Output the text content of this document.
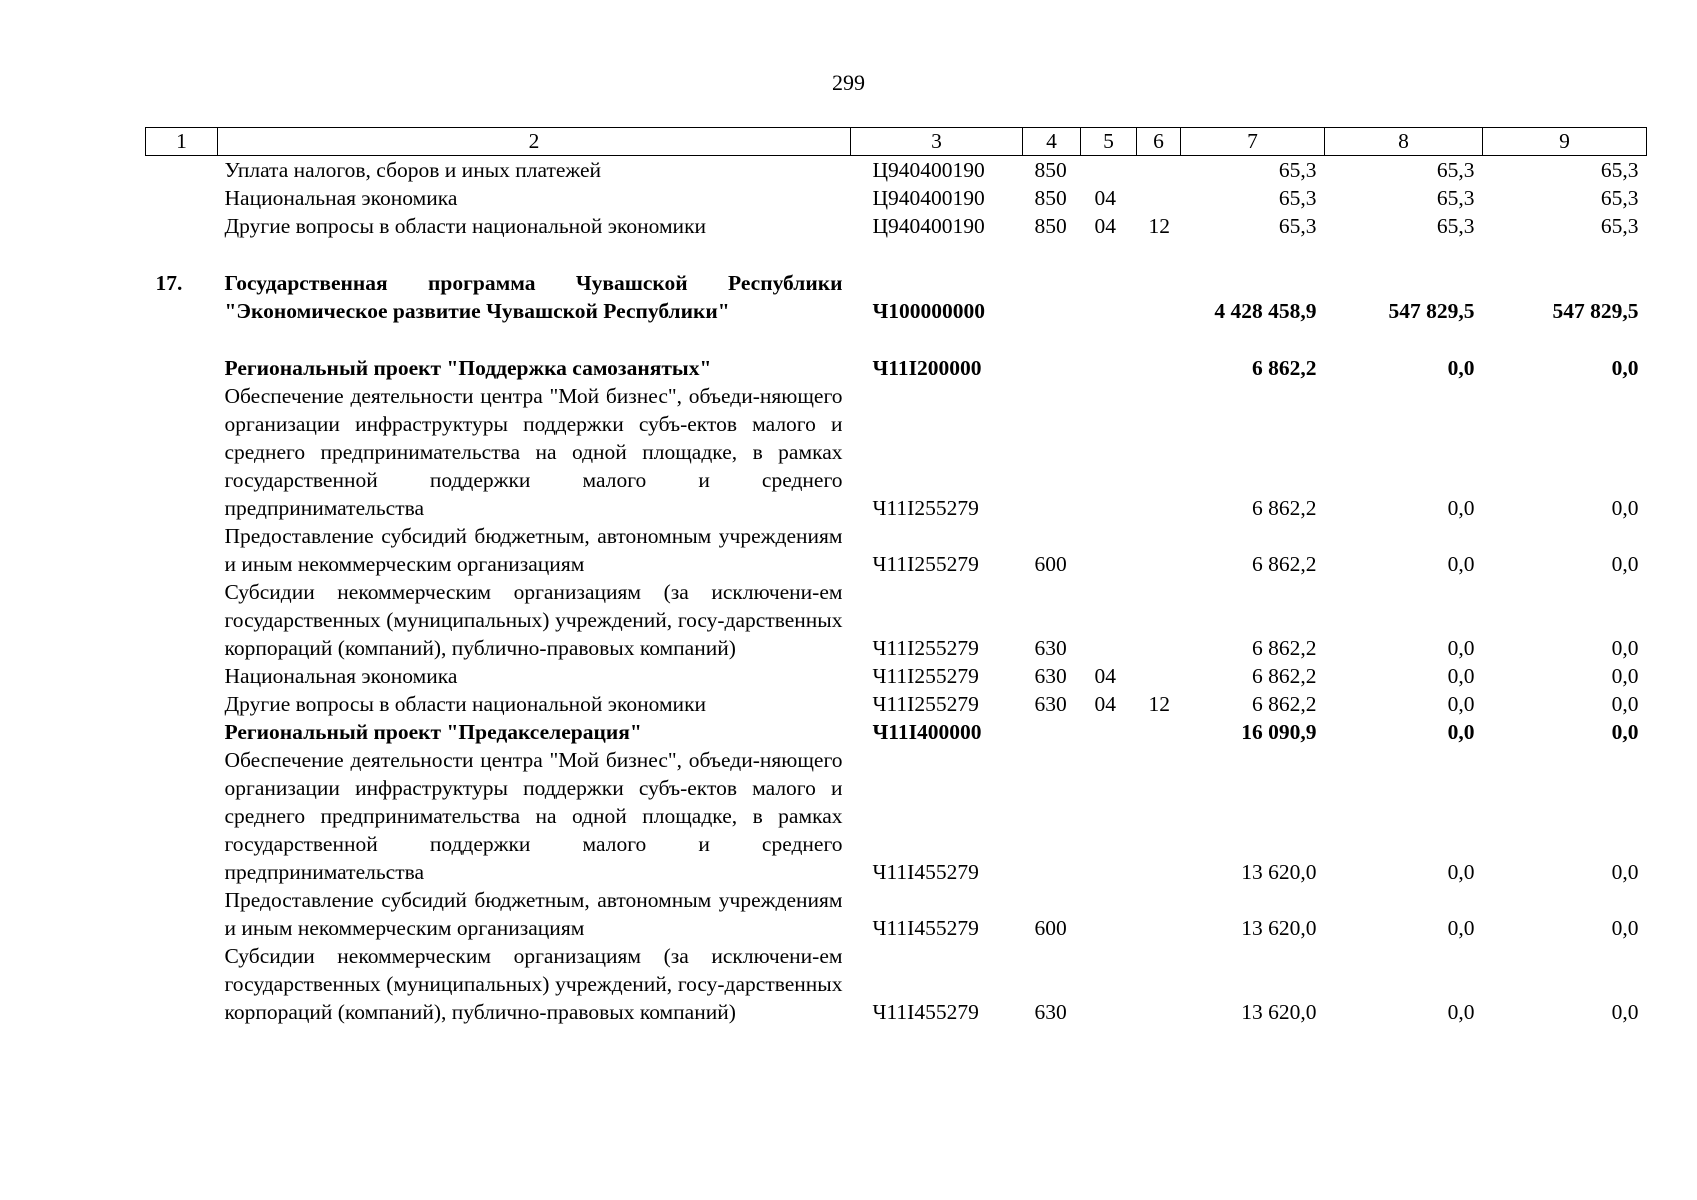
299
1	2	3	4	5	6	7	8	9
	Уплата налогов, сборов и иных платежей	Ц940400190	850			65,3	65,3	65,3
	Национальная экономика	Ц940400190	850	04		65,3	65,3	65,3
	Другие вопросы в области национальной экономики	Ц940400190	850	04	12	65,3	65,3	65,3
17.	Государственная программа Чувашской Республики "Экономическое развитие Чувашской Республики"	Ч100000000				4 428 458,9	547 829,5	547 829,5
	Региональный проект "Поддержка самозанятых"	Ч11I200000				6 862,2	0,0	0,0
	Обеспечение деятельности центра "Мой бизнес", объеди-няющего организации инфраструктуры поддержки субъ-ектов малого и среднего предпринимательства на одной площадке, в рамках государственной поддержки малого и среднего предпринимательства	Ч11I255279				6 862,2	0,0	0,0
	Предоставление субсидий бюджетным, автономным учреждениям и иным некоммерческим организациям	Ч11I255279	600			6 862,2	0,0	0,0
	Субсидии некоммерческим организациям (за исключени-ем государственных (муниципальных) учреждений, госу-дарственных корпораций (компаний), публично-правовых компаний)	Ч11I255279	630			6 862,2	0,0	0,0
	Национальная экономика	Ч11I255279	630	04		6 862,2	0,0	0,0
	Другие вопросы в области национальной экономики	Ч11I255279	630	04	12	6 862,2	0,0	0,0
	Региональный проект "Предакселерация"	Ч11I400000				16 090,9	0,0	0,0
	Обеспечение деятельности центра "Мой бизнес", объеди-няющего организации инфраструктуры поддержки субъ-ектов малого и среднего предпринимательства на одной площадке, в рамках государственной поддержки малого и среднего предпринимательства	Ч11I455279				13 620,0	0,0	0,0
	Предоставление субсидий бюджетным, автономным учреждениям и иным некоммерческим организациям	Ч11I455279	600			13 620,0	0,0	0,0
	Субсидии некоммерческим организациям (за исключени-ем государственных (муниципальных) учреждений, госу-дарственных корпораций (компаний), публично-правовых компаний)	Ч11I455279	630			13 620,0	0,0	0,0
